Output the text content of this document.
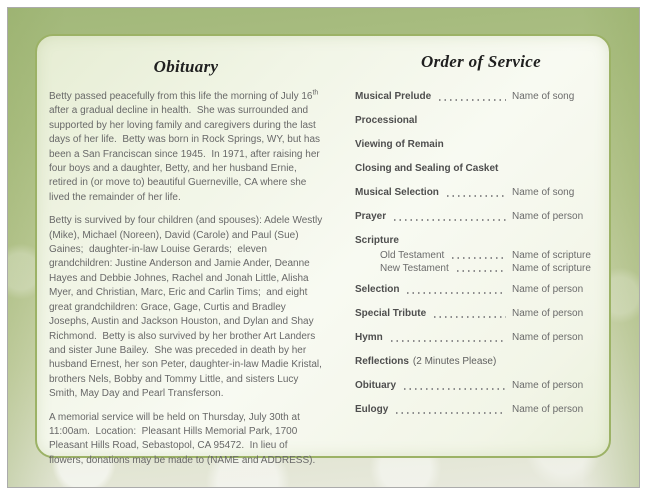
Obituary

Betty passed peacefully from this life the morning of July 16th after a gradual decline in health.  She was surrounded and supported by her loving family and caregivers during the last days of her life.  Betty was born in Rock Springs, WY, but has been a San Franciscan since 1945.  In 1971, after raising her four boys and a daughter, Betty, and her husband Ernie, retired in (or move to) beautiful Guerneville, CA where she lived the remainder of her life.

Betty is survived by four children (and spouses): Adele Westly (Mike), Michael (Noreen), David (Carole) and Paul (Sue) Gaines;  daughter-in-law Louise Gerards;  eleven grandchildren: Justine Anderson and Jamie Ander, Deanne Hayes and Debbie Johnes, Rachel and Jonah Little, Alisha Myer, and Christian, Marc, Eric and Carlin Tims;  and eight great grandchildren: Grace, Gage, Curtis and Bradley Josephs, Austin and Jackson Houston, and Dylan and Shay Richmond.  Betty is also survived by her brother Art Landers and sister June Bailey.  She was preceded in death by her husband Ernest, her son Peter, daughter-in-law Madie Kristal, brothers Nels, Bobby and Tommy Little, and sisters Lucy Smith, May Day and Pearl Transferson.

A memorial service will be held on Thursday, July 30th at 11:00am.  Location:  Pleasant Hills Memorial Park, 1700 Pleasant Hills Road, Sebastopol, CA 95472.  In lieu of flowers, donations may be made to (NAME and ADDRESS).

Order of Service
Musical Prelude	Name of song
Processional
Viewing of Remain
Closing and Sealing of Casket
Musical Selection	Name of song
Prayer	Name of person
Scripture
Old Testament	Name of scripture
New Testament	Name of scripture
Selection	Name of person
Special Tribute	Name of person
Hymn	Name of person
Reflections (2 Minutes Please)
Obituary	Name of person
Eulogy	Name of person
